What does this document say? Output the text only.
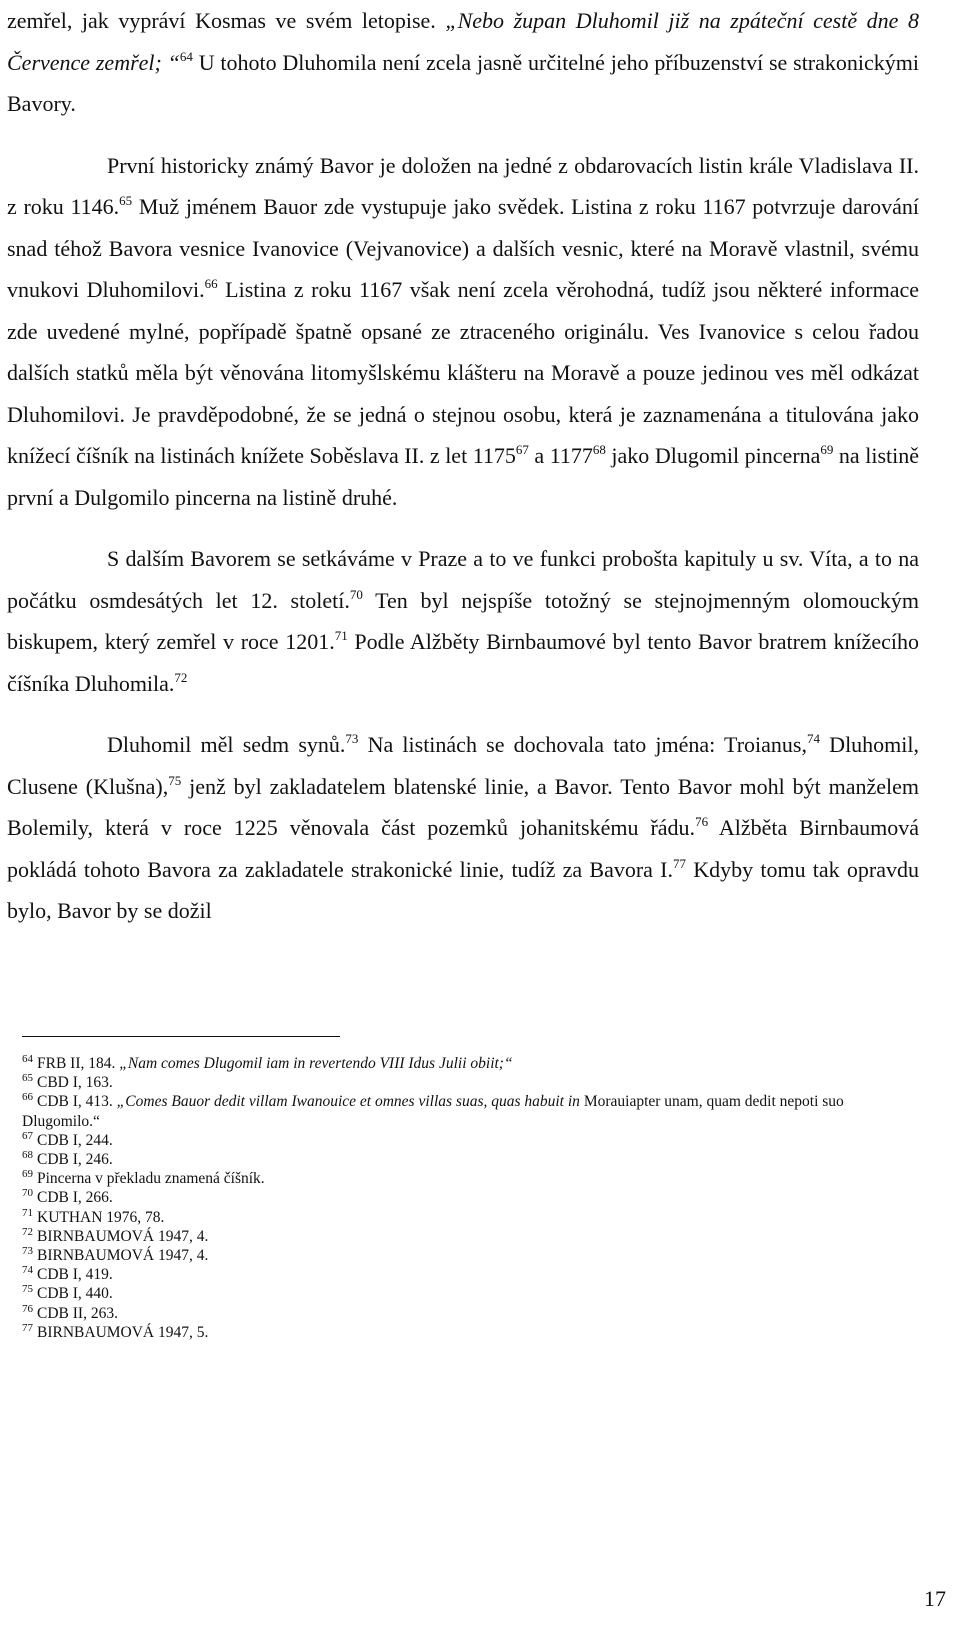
zemřel, jak vypráví Kosmas ve svém letopise. „Nebo župan Dluhomil již na zpáteční cestě dne 8 Července zemřel; “$^{64}$ U tohoto Dluhomila není zcela jasně určitelné jeho příbuzenství se strakonickými Bavory.

První historicky známý Bavor je doložen na jedné z obdarovacích listin krále Vladislava II. z roku 1146.65 Muž jménem Bauor zde vystupuje jako svědek. Listina z roku 1167 potvrzuje darování snad téhož Bavora vesnice Ivanovice (Vejvanovice) a dalších vesnic, které na Moravě vlastnil, svému vnukovi Dluhomilovi.$^{66}$ Listina z roku 1167 však není zcela věrohodná, tudíž jsou některé informace zde uvedené mylné, popřípadě špatně opsané ze ztraceného originálu. Ves Ivanovice s celou řadou dalších statků měla být věnována litomyšlskému klášteru na Moravě a pouze jedinou ves měl odkázat Dluhomilovi. Je pravděpodobné, že se jedná o stejnou osobu, která je zaznamenána a titulována jako knížecí číšník na listinách knížete Soběslava II. z let 1175$^{67}$ a 1177$^{68}$ jako Dlugomil pincerna$^{69}$ na listině první a Dulgomilo pincerna na listině druhé.

S dalším Bavorem se setkáváme v Praze a to ve funkci proboštа kapituly u sv. Víta, a to na počátku osmdesátých let 12. století.$^{70}$ Ten byl nejspíše totožný se stejnojmenným olomouckým biskupem, který zemřel v roce 1201.71 Podle Alžběty Birnbaumové byl tento Bavor bratrem knížecího číšníka Dluhomila.$^{72}$

Dluhomil měl sedm synů.$^{73}$ Na listinách se dochovala tato jména: Troianus,$^{74}$ Dluhomil, Clusene (Klušna),$^{75}$ jenž byl zakladatelem blatenské linie, a Bavor. Tento Bavor mohl být manželem Bolemily, která v roce 1225 věnovala část pozemků johanitskému řádu.$^{76}$ Alžběta Birnbaumová pokládá tohoto Bavora za zakladatele strakonické linie, tudíž za Bavora I.$^{77}$ Kdyby tomu tak opravdu bylo, Bavor by se dožil

$^{64}$ FRB II, 184. „Nam comes Dlugomil iam in revertendo VIII Idus Julii obiit;“
$^{65}$ CBD I, 163.
$^{66}$ CDB I, 413. „Comes Bauor dedit villam Iwanouice et omnes villas suas, quas habuit in Morauiapter unam, quam dedit nepoti suo Dlugomilo.“
$^{67}$ CDB I, 244.
$^{68}$ CDB I, 246.
$^{69}$ Pincerna v překladu znamená číšník.
$^{70}$ CDB I, 266.
$^{71}$ KUTHAN 1976, 78.
$^{72}$ BIRNBAUMOVÁ 1947, 4.
$^{73}$ BIRNBAUMOVÁ 1947, 4.
$^{74}$ CDB I, 419.
$^{75}$ CDB I, 440.
$^{76}$ CDB II, 263.
$^{77}$ BIRNBAUMOVÁ 1947, 5.
17
